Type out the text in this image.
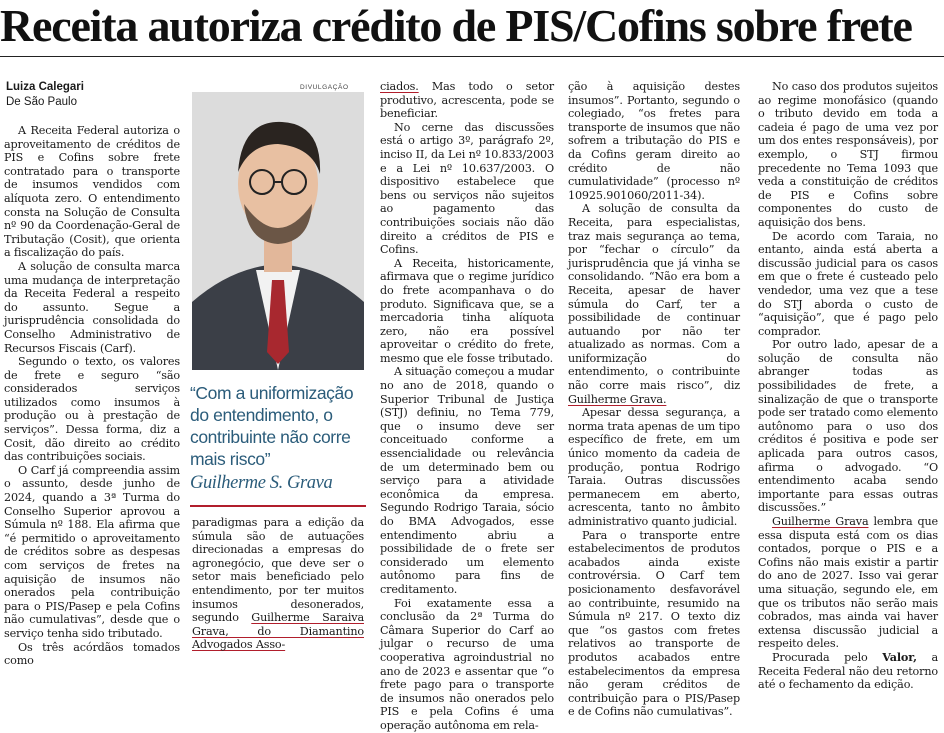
Receita autoriza crédito de PIS/Cofins sobre frete
Luiza Calegari
De São Paulo

A Receita Federal autoriza o aproveitamento de créditos de PIS e Cofins sobre frete contratado para o transporte de insumos vendidos com alíquota zero. O entendimento consta na Solução de Consulta nº 90 da Coordenação-Geral de Tributação (Cosit), que orienta a fiscalização do país.

A solução de consulta marca uma mudança de interpretação da Receita Federal a respeito do assunto. Segue a jurisprudência consolidada do Conselho Administrativo de Recursos Fiscais (Carf).

Segundo o texto, os valores de frete e seguro “são considerados serviços utilizados como insumos à produção ou à prestação de serviços”. Dessa forma, diz a Cosit, dão direito ao crédito das contribuições sociais.

O Carf já compreendia assim o assunto, desde junho de 2024, quando a 3ª Turma do Conselho Superior aprovou a Súmula nº 188. Ela afirma que “é permitido o aproveitamento de créditos sobre as despesas com serviços de fretes na aquisição de insumos não onerados pela contribuição para o PIS/Pasep e pela Cofins não cumulativas”, desde que o serviço tenha sido tributado.

Os três acórdãos tomados como

DIVULGAÇÃO
“Com a uniformização do entendimento, o contribuinte não corre mais risco”
Guilherme S. Grava

paradigmas para a edição da súmula são de autuações direcionadas a empresas do agronegócio, que deve ser o setor mais beneficiado pelo entendimento, por ter muitos insumos desonerados, segundo Guilherme Saraiva Grava, do Diamantino Advogados Asso-

ciados. Mas todo o setor produtivo, acrescenta, pode se beneficiar.

No cerne das discussões está o artigo 3º, parágrafo 2º, inciso II, da Lei nº 10.833/2003 e a Lei nº 10.637/2003. O dispositivo estabelece que bens ou serviços não sujeitos ao pagamento das contribuições sociais não dão direito a créditos de PIS e Cofins.

A Receita, historicamente, afirmava que o regime jurídico do frete acompanhava o do produto. Significava que, se a mercadoria tinha alíquota zero, não era possível aproveitar o crédito do frete, mesmo que ele fosse tributado.

A situação começou a mudar no ano de 2018, quando o Superior Tribunal de Justiça (STJ) definiu, no Tema 779, que o insumo deve ser conceituado conforme a essencialidade ou relevância de um determinado bem ou serviço para a atividade econômica da empresa. Segundo Rodrigo Taraia, sócio do BMA Advogados, esse entendimento abriu a possibilidade de o frete ser considerado um elemento autônomo para fins de creditamento.

Foi exatamente essa a conclusão da 2ª Turma do Câmara Superior do Carf ao julgar o recurso de uma cooperativa agroindustrial no ano de 2023 e assentar que “o frete pago para o transporte de insumos não onerados pelo PIS e pela Cofins é uma operação autônoma em rela-

ção à aquisição destes insumos”. Portanto, segundo o colegiado, “os fretes para transporte de insumos que não sofrem a tributação do PIS e da Cofins geram direito ao crédito de não cumulatividade” (processo nº 10925.901060/2011-34).

A solução de consulta da Receita, para especialistas, traz mais segurança ao tema, por “fechar o círculo” da jurisprudência que já vinha se consolidando. “Não era bom a Receita, apesar de haver súmula do Carf, ter a possibilidade de continuar autuando por não ter atualizado as normas. Com a uniformização do entendimento, o contribuinte não corre mais risco”, diz Guilherme Grava.

Apesar dessa segurança, a norma trata apenas de um tipo específico de frete, em um único momento da cadeia de produção, pontua Rodrigo Taraia. Outras discussões permanecem em aberto, acrescenta, tanto no âmbito administrativo quanto judicial.

Para o transporte entre estabelecimentos de produtos acabados ainda existe controvérsia. O Carf tem posicionamento desfavorável ao contribuinte, resumido na Súmula nº 217. O texto diz que “os gastos com fretes relativos ao transporte de produtos acabados entre estabelecimentos da empresa não geram créditos de contribuição para o PIS/Pasep e de Cofins não cumulativas”.

No caso dos produtos sujeitos ao regime monofásico (quando o tributo devido em toda a cadeia é pago de uma vez por um dos entes responsáveis), por exemplo, o STJ firmou precedente no Tema 1093 que veda a constituição de créditos de PIS e Cofins sobre componentes do custo de aquisição dos bens.

De acordo com Taraia, no entanto, ainda está aberta a discussão judicial para os casos em que o frete é custeado pelo vendedor, uma vez que a tese do STJ aborda o custo de “aquisição”, que é pago pelo comprador.

Por outro lado, apesar de a solução de consulta não abranger todas as possibilidades de frete, a sinalização de que o transporte pode ser tratado como elemento autônomo para o uso dos créditos é positiva e pode ser aplicada para outros casos, afirma o advogado. “O entendimento acaba sendo importante para essas outras discussões.”

Guilherme Grava lembra que essa disputa está com os dias contados, porque o PIS e a Cofins não mais existir a partir do ano de 2027. Isso vai gerar uma situação, segundo ele, em que os tributos não serão mais cobrados, mas ainda vai haver extensa discussão judicial a respeito deles.

Procurada pelo Valor, a Receita Federal não deu retorno até o fechamento da edição.
